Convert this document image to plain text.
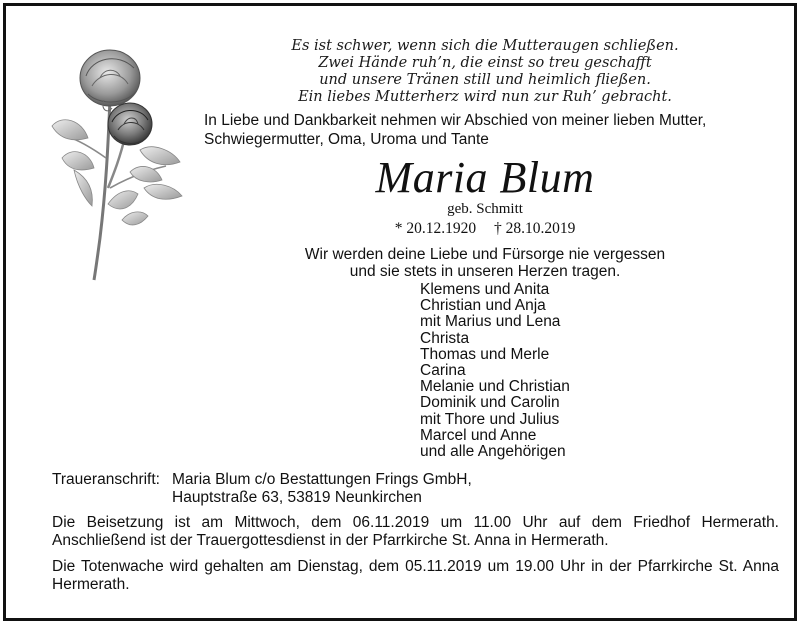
Es ist schwer, wenn sich die Mutteraugen schließen.
Zwei Hände ruh’n, die einst so treu geschafft
und unsere Tränen still und heimlich fließen.
Ein liebes Mutterherz wird nun zur Ruh’ gebracht.
In Liebe und Dankbarkeit nehmen wir Abschied von meiner lieben Mutter,
Schwiegermutter, Oma, Uroma und Tante
Maria Blum
geb. Schmitt
* 20.12.1920 † 28.10.2019
Wir werden deine Liebe und Fürsorge nie vergessen
und sie stets in unseren Herzen tragen.
Klemens und Anita
Christian und Anja
mit Marius und Lena
Christa
Thomas und Merle
Carina
Melanie und Christian
Dominik und Carolin
mit Thore und Julius
Marcel und Anne
und alle Angehörigen
Traueranschrift: Maria Blum c/o Bestattungen Frings GmbH,
Hauptstraße 63, 53819 Neunkirchen
Die Beisetzung ist am Mittwoch, dem 06.11.2019 um 11.00 Uhr auf dem Friedhof Hermerath. Anschließend ist der Trauergottesdienst in der Pfarrkirche St. Anna in Hermerath.
Die Totenwache wird gehalten am Dienstag, dem 05.11.2019 um 19.00 Uhr in der Pfarrkirche St. Anna Hermerath.
